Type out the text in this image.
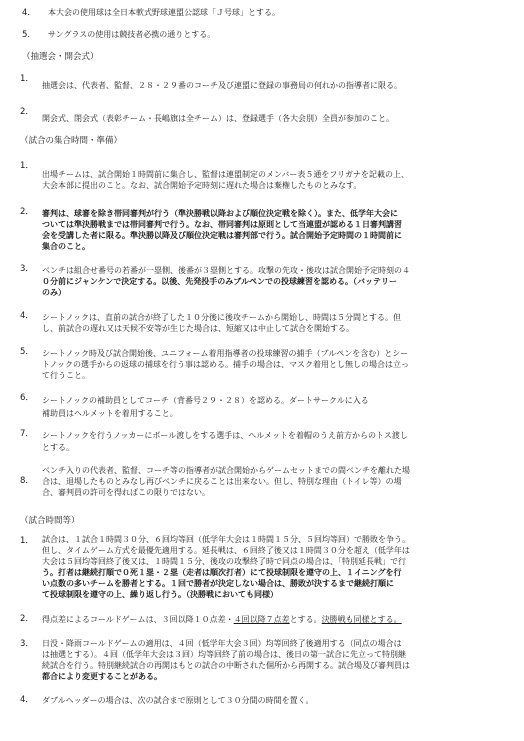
4． 本大会の使用球は全日本軟式野球連盟公認球「Ｊ号球」とする。
5． サングラスの使用は競技者必携の通りとする。
（抽選会・開会式）
1．
抽選会は、代表者、監督、２８・２９番のコーチ及び連盟に登録の事務局の何れかの指導者に限る。
2．
開会式、閉会式（表彰チーム・長嶋旗は全チーム）は、登録選手（各大会別）全員が参加のこと。
（試合の集合時間・準備）
1．
出場チームは、試合開始１時間前に集合し、監督は連盟制定のメンバー表５通をフリガナを記載の上、
大会本部に提出のこと。なお、試合開始予定時刻に遅れた場合は棄権したものとみなす。
2． 審判は、球審を除き帯同審判が行う（準決勝戦以降および順位決定戦を除く）。また、低学年大会に
ついては準決勝戦までは帯同審判で行う。なお、帯同審判は原則として当連盟が認める１日審判講習
会を受講した者に限る。準決勝以降及び順位決定戦は審判部で行う。試合開始予定時間の１時間前に
集合のこと。
3． ベンチは組合せ番号の若番が一塁側、後番が３塁側とする。攻撃の先攻・後攻は試合開始予定時刻の４
０分前にジャンケンで決定する。以後、先発投手のみブルペンでの投球練習を認める。（バッテリー
のみ）
4． シートノックは、直前の試合が終了した１０分後に後攻チームから開始し、時間は５分間とする。但
し、前試合の遅れ又は天候不安等が生じた場合は、短縮又は中止して試合を開始する。
5． シートノック時及び試合開始後、ユニフォーム着用指導者の投球練習の捕手（ブルペンを含む）とシー
トノックの選手からの返球の捕球を行う事は認める。捕手の場合は、マスク着用とし無しの場合は立っ
て行うこと。
6． シートノックの補助員としてコーチ（背番号２９・２８）を認める。ダートサークルに入る
補助員はヘルメットを着用すること。
7． シートノックを行うノッカーにボール渡しをする選手は、ヘルメットを着帽のうえ前方からのトス渡し
とする。
8．
ベンチ入りの代表者、監督、コーチ等の指導者が試合開始からゲームセットまでの間ベンチを離れた場
合は、退場したものとみなし再びベンチに戻ることは出来ない。但し、特別な理由（トイレ等）の場
合、審判員の許可を得ればこの限りではない。
（試合時間等）
1． 試合は、１試合１時間３０分、６回均等回（低学年大会は１時間１５分、５回均等回）で勝敗を争う。
但し、タイムゲーム方式を最優先適用する。延長戦は、６回終了後又は１時間３０分を超え（低学年は
大会は５回均等回終了後又は、１時間１５分、後攻の攻撃終了時で同点の場合は、「特別延長戦」で行
う。打者は継続打順で０死１塁・２塁（走者は順次打者）にて投球制限を遵守の上、１イニングを行
い点数の多いチームを勝者とする。１回で勝者が決定しない場合は、勝敗が決するまで継続打順に
て投球制限を遵守の上、繰り返し行う。（決勝戦においても同様）
2． 得点差によるコールドゲームは、３回以降１０点差・４回以降７点差とする。決勝戦も同様とする。
3． 日没・降雨コールドゲームの適用は、４回（低学年大会３回）均等回終了後適用する（同点の場合は
は抽選とする）。４回（低学年大会は３回）均等回終了前の場合は、後日の第一試合に先立って特別継
続試合を行う。特別継続試合の再開はもとの試合の中断された個所から再開する。試合場及び審判員は
都合により変更することがある。
4． ダブルヘッダーの場合は、次の試合まで原則として３０分間の時間を置く。
